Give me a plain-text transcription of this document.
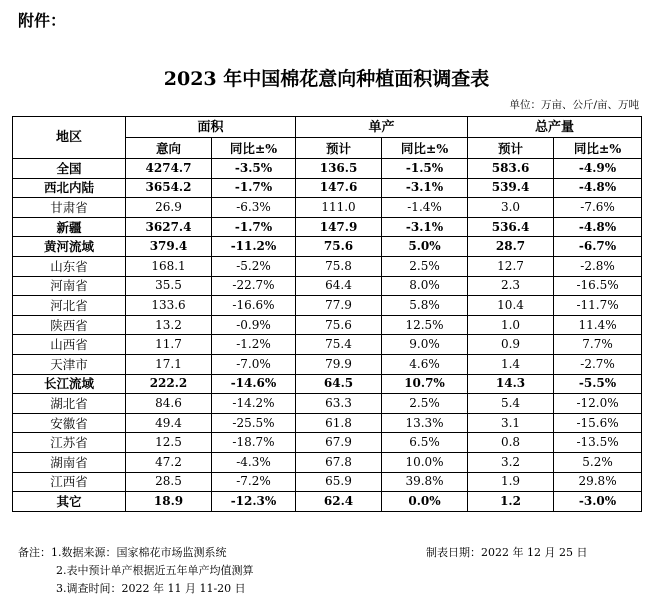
附件：
2023 年中国棉花意向种植面积调查表
单位：万亩、公斤/亩、万吨
地区	面积		单产		总产量	
	意向	同比±%	预计	同比±%	预计	同比±%
全国	4274.7	-3.5%	136.5	-1.5%	583.6	-4.9%
西北内陆	3654.2	-1.7%	147.6	-3.1%	539.4	-4.8%
甘肃省	26.9	-6.3%	111.0	-1.4%	3.0	-7.6%
新疆	3627.4	-1.7%	147.9	-3.1%	536.4	-4.8%
黄河流域	379.4	-11.2%	75.6	5.0%	28.7	-6.7%
山东省	168.1	-5.2%	75.8	2.5%	12.7	-2.8%
河南省	35.5	-22.7%	64.4	8.0%	2.3	-16.5%
河北省	133.6	-16.6%	77.9	5.8%	10.4	-11.7%
陕西省	13.2	-0.9%	75.6	12.5%	1.0	11.4%
山西省	11.7	-1.2%	75.4	9.0%	0.9	7.7%
天津市	17.1	-7.0%	79.9	4.6%	1.4	-2.7%
长江流域	222.2	-14.6%	64.5	10.7%	14.3	-5.5%
湖北省	84.6	-14.2%	63.3	2.5%	5.4	-12.0%
安徽省	49.4	-25.5%	61.8	13.3%	3.1	-15.6%
江苏省	12.5	-18.7%	67.9	6.5%	0.8	-13.5%
湖南省	47.2	-4.3%	67.8	10.0%	3.2	5.2%
江西省	28.5	-7.2%	65.9	39.8%	1.9	29.8%
其它	18.9	-12.3%	62.4	0.0%	1.2	-3.0%
备注：1.数据来源：国家棉花市场监测系统
2.表中预计单产根据近五年单产均值测算
3.调查时间：2022 年 11 月 11-20 日
制表日期：2022 年 12 月 25 日
